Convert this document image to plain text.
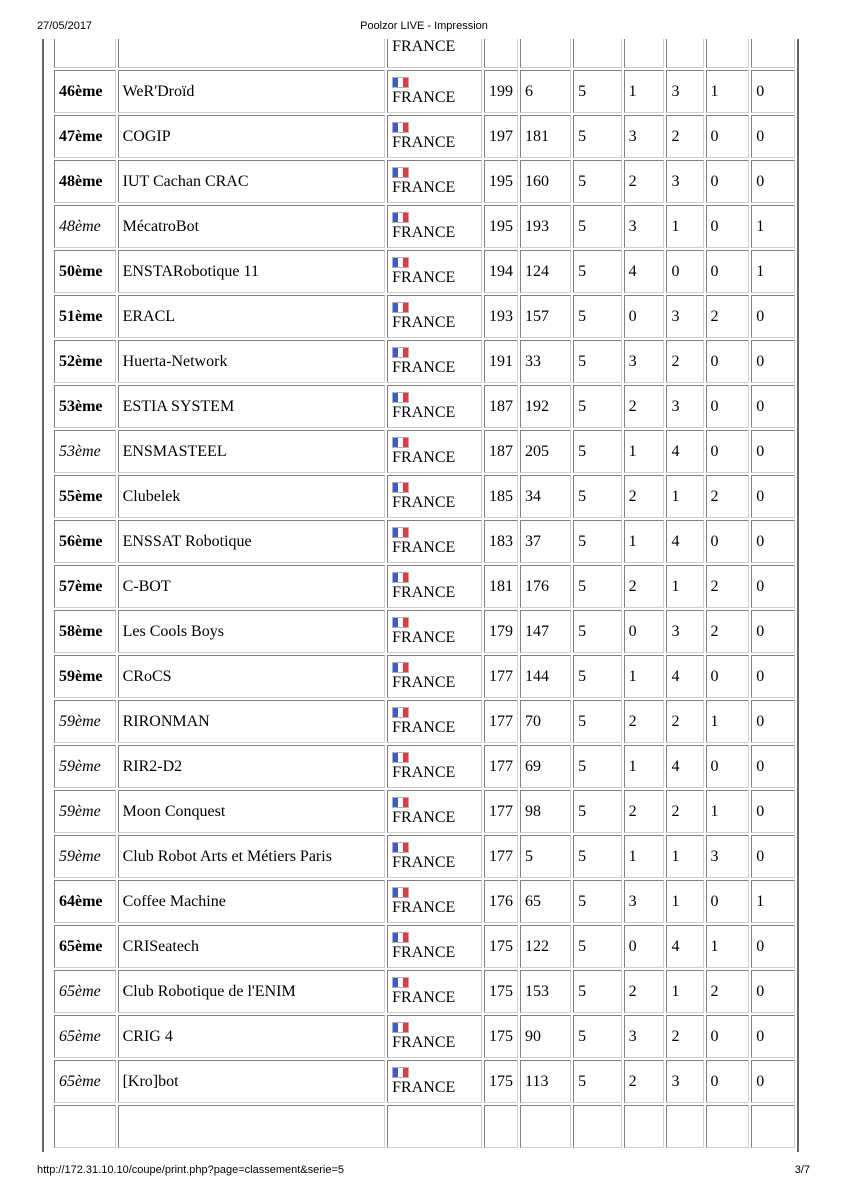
27/05/2017	Poolzor LIVE - Impression

		FRANCE							

46ème	WeR'Droïd	FRANCE	199	6	5	1	3	1	0
47ème	COGIP	FRANCE	197	181	5	3	2	0	0
48ème	IUT Cachan CRAC	FRANCE	195	160	5	2	3	0	0
48ème	MécatroBot	FRANCE	195	193	5	3	1	0	1
50ème	ENSTARobotique 11	FRANCE	194	124	5	4	0	0	1
51ème	ERACL	FRANCE	193	157	5	0	3	2	0
52ème	Huerta-Network	FRANCE	191	33	5	3	2	0	0
53ème	ESTIA SYSTEM	FRANCE	187	192	5	2	3	0	0
53ème	ENSMASTEEL	FRANCE	187	205	5	1	4	0	0
55ème	Clubelek	FRANCE	185	34	5	2	1	2	0
56ème	ENSSAT Robotique	FRANCE	183	37	5	1	4	0	0
57ème	C-BOT	FRANCE	181	176	5	2	1	2	0
58ème	Les Cools Boys	FRANCE	179	147	5	0	3	2	0
59ème	CRoCS	FRANCE	177	144	5	1	4	0	0
59ème	RIRONMAN	FRANCE	177	70	5	2	2	1	0
59ème	RIR2-D2	FRANCE	177	69	5	1	4	0	0
59ème	Moon Conquest	FRANCE	177	98	5	2	2	1	0
59ème	Club Robot Arts et Métiers Paris	FRANCE	177	5	5	1	1	3	0
64ème	Coffee Machine	FRANCE	176	65	5	3	1	0	1
65ème	CRISeatech	FRANCE	175	122	5	0	4	1	0
65ème	Club Robotique de l'ENIM	FRANCE	175	153	5	2	1	2	0
65ème	CRIG 4	FRANCE	175	90	5	3	2	0	0
65ème	[Kro]bot	FRANCE	175	113	5	2	3	0	0

http://172.31.10.10/coupe/print.php?page=classement&serie=5	3/7
